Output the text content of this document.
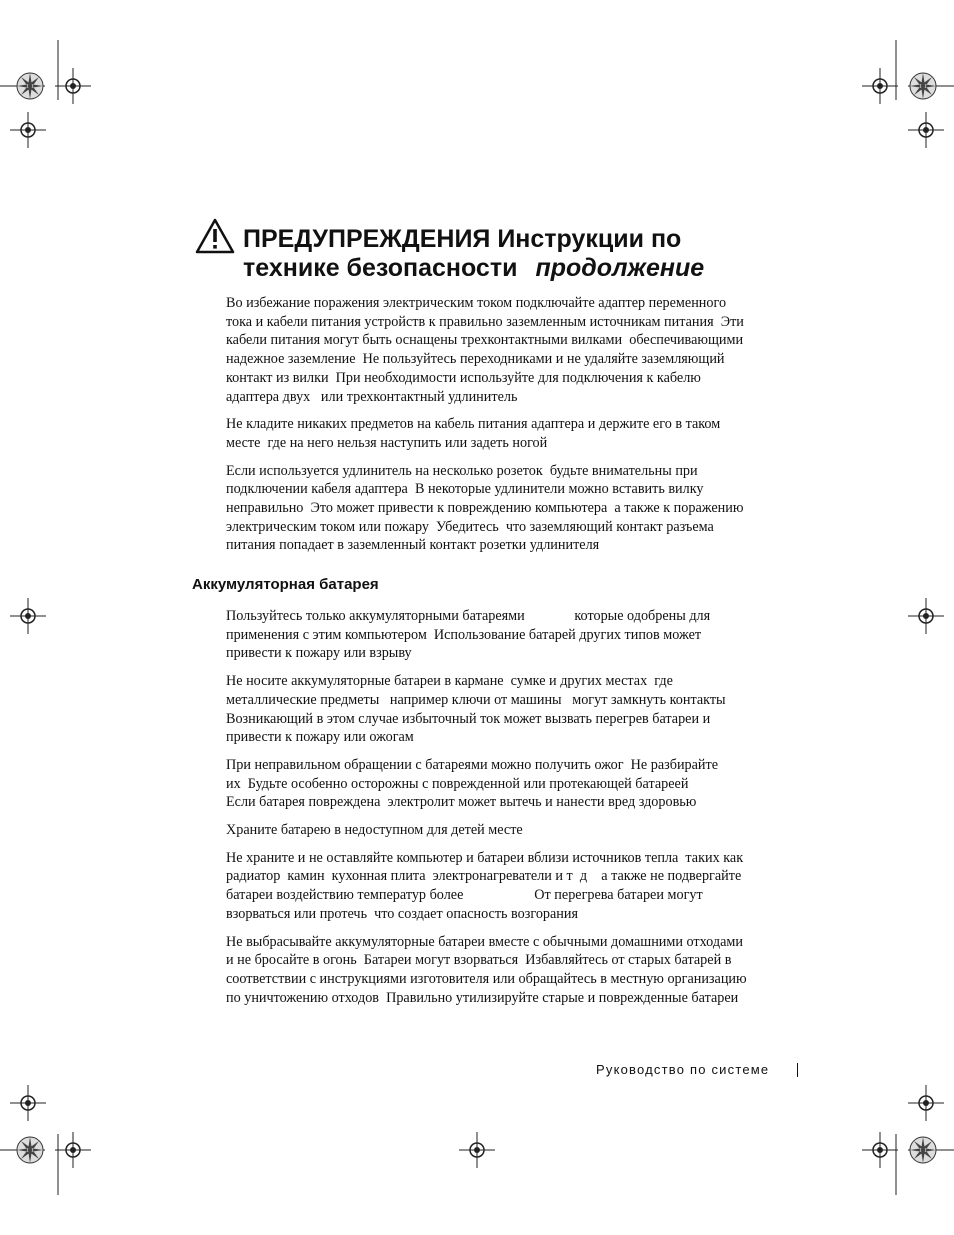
ПРЕДУПРЕЖДЕНИЯ Инструкции по
технике безопасности продолжение

Во избежание поражения электрическим током подключайте адаптер переменного
тока и кабели питания устройств к правильно заземленным источникам питания  Эти
кабели питания могут быть оснащены трехконтактными вилками  обеспечивающими
надежное заземление  Не пользуйтесь переходниками и не удаляйте заземляющий
контакт из вилки  При необходимости используйте для подключения к кабелю
адаптера двух   или трехконтактный удлинитель

Не кладите никаких предметов на кабель питания адаптера и держите его в таком
месте  где на него нельзя наступить или задеть ногой

Если используется удлинитель на несколько розеток  будьте внимательны при
подключении кабеля адаптера  В некоторые удлинители можно вставить вилку
неправильно  Это может привести к повреждению компьютера  а также к поражению
электрическим током или пожару  Убедитесь  что заземляющий контакт разъема
питания попадает в заземленный контакт розетки удлинителя

Аккумуляторная батарея

Пользуйтесь только аккумуляторными батареями              которые одобрены для
применения с этим компьютером  Использование батарей других типов может
привести к пожару или взрыву

Не носите аккумуляторные батареи в кармане  сумке и других местах  где
металлические предметы   например ключи от машины   могут замкнуть контакты
Возникающий в этом случае избыточный ток может вызвать перегрев батареи и
привести к пожару или ожогам

При неправильном обращении с батареями можно получить ожог  Не разбирайте
их  Будьте особенно осторожны с поврежденной или протекающей батареей
Если батарея повреждена  электролит может вытечь и нанести вред здоровью

Храните батарею в недоступном для детей месте

Не храните и не оставляйте компьютер и батареи вблизи источников тепла  таких как
радиатор  камин  кухонная плита  электронагреватели и т  д    а также не подвергайте
батареи воздействию температур более                    От перегрева батареи могут
взорваться или протечь  что создает опасность возгорания

Не выбрасывайте аккумуляторные батареи вместе с обычными домашними отходами
и не бросайте в огонь  Батареи могут взорваться  Избавляйтесь от старых батарей в
соответствии с инструкциями изготовителя или обращайтесь в местную организацию
по уничтожению отходов  Правильно утилизируйте старые и поврежденные батареи

Руководство по системе
